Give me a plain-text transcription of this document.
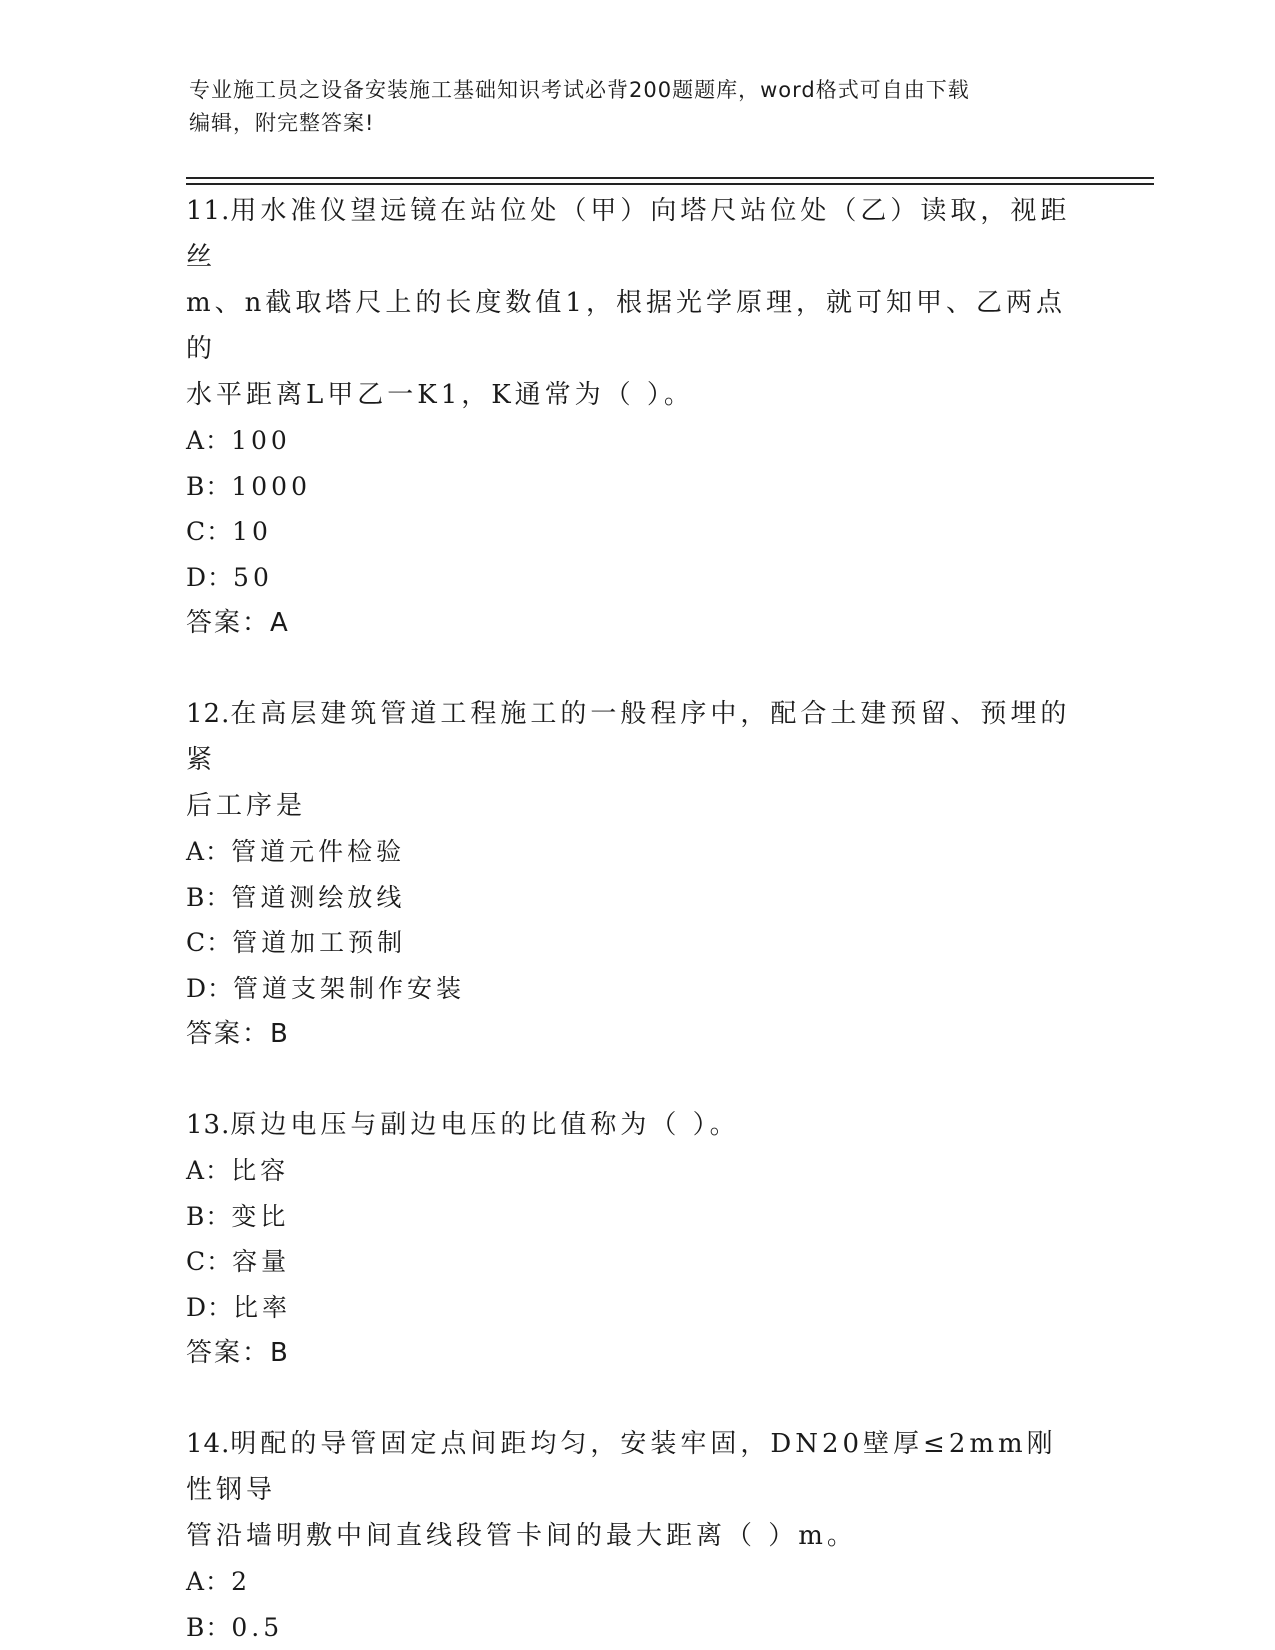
专业施工员之设备安装施工基础知识考试必背200题题库，word格式可自由下载
编辑，附完整答案!

11.用水准仪望远镜在站位处（甲）向塔尺站位处（乙）读取，视距丝

m、n截取塔尺上的长度数值1，根据光学原理，就可知甲、乙两点的

水平距离L甲乙一K1，K通常为（ ）。

A：100

B：1000

C：10

D：50

答案：A

12.在高层建筑管道工程施工的一般程序中，配合土建预留、预埋的紧

后工序是

A：管道元件检验

B：管道测绘放线

C：管道加工预制

D：管道支架制作安装

答案：B

13.原边电压与副边电压的比值称为（ ）。

A：比容

B：变比

C：容量

D：比率

答案：B

14.明配的导管固定点间距均匀，安装牢固，DN20壁厚≤2mm刚性钢导

管沿墙明敷中间直线段管卡间的最大距离（ ）m。

A：2

B：0.5
